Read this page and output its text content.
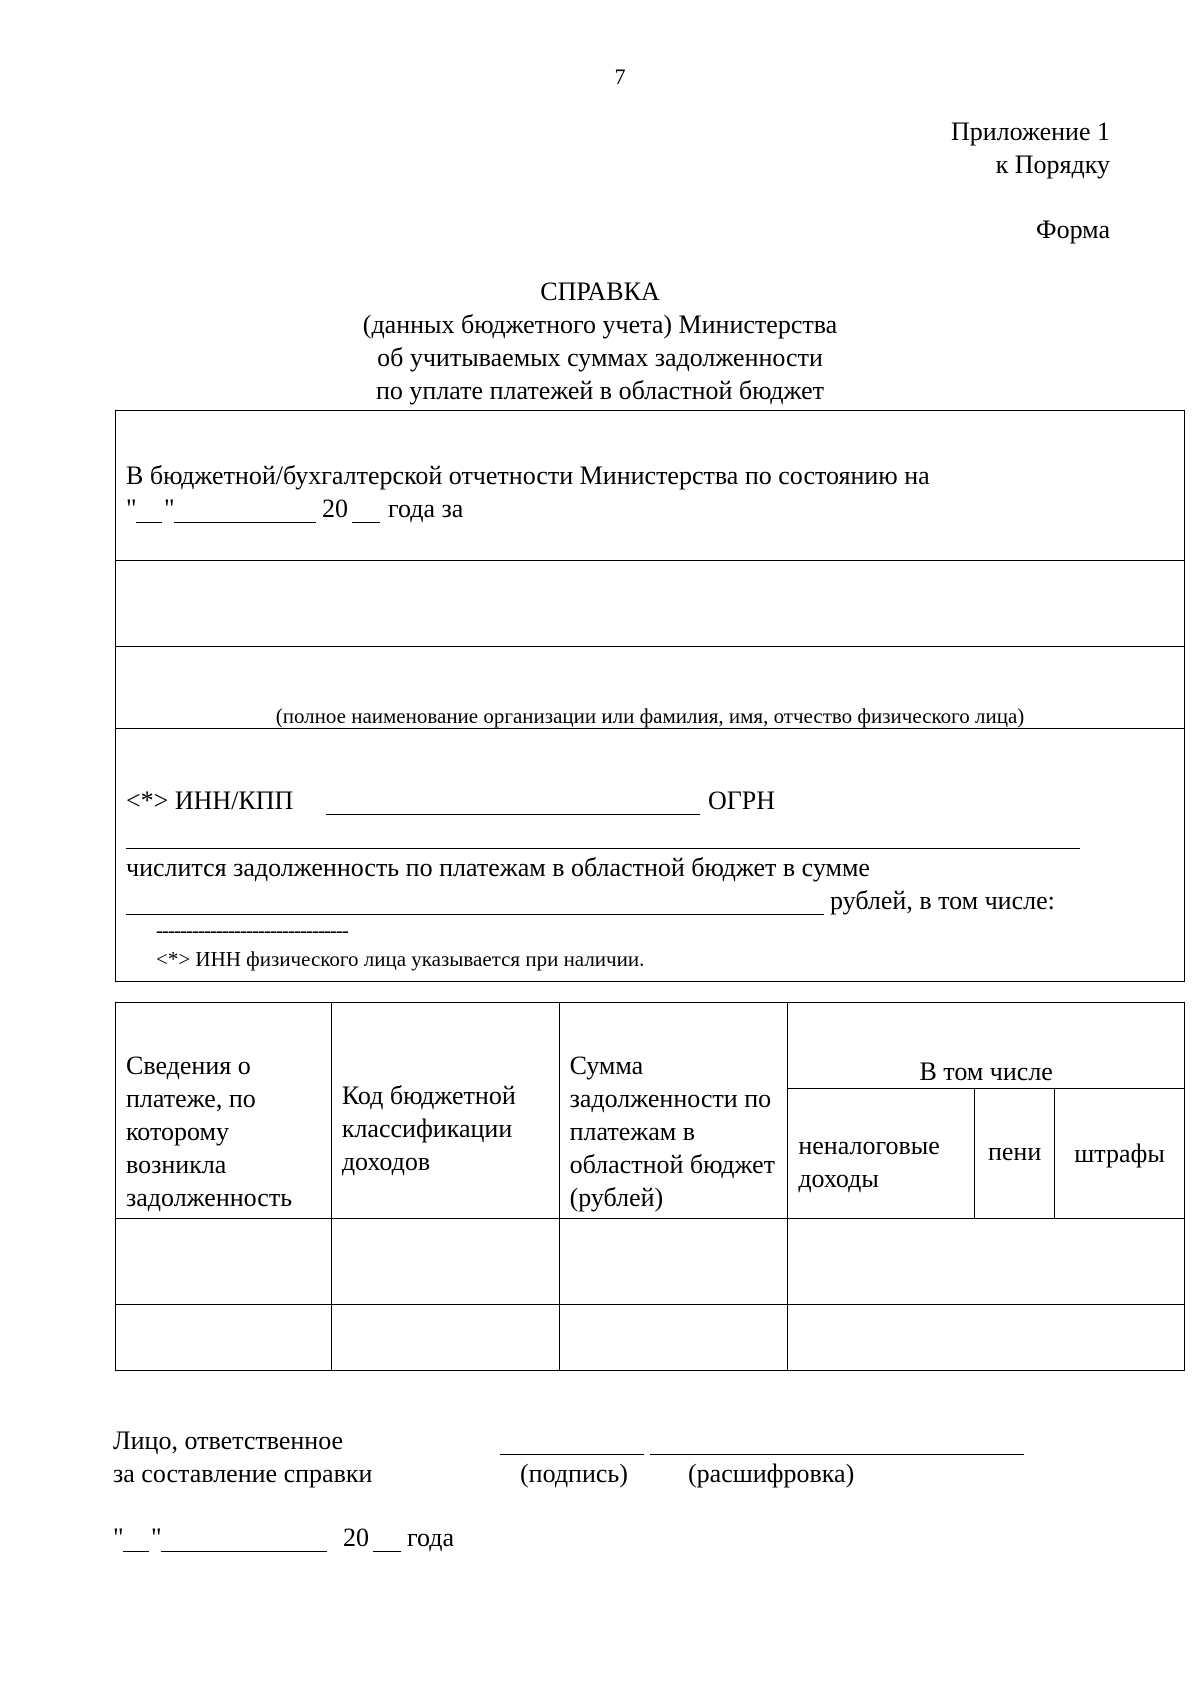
7
Приложение 1
к Порядку
Форма
СПРАВКА
(данных бюджетного учета) Министерства
об учитываемых суммах задолженности
по уплате платежей в областной бюджет
В бюджетной/бухгалтерской отчетности Министерства по состоянию на
" "	20 года за
(полное наименование организации или фамилия, имя, отчество физического лица)
<*> ИНН/КПП	ОГРН
числится задолженность по платежам в областной бюджет в сумме
рублей, в том числе:
--------------------------------
<*> ИНН физического лица указывается при наличии.
Сведения о платеже, по которому возникла задолженность	Код бюджетной классификации доходов	Сумма задолженности по платежам в областной бюджет (рублей)	В том числе		
			неналоговые доходы	пени	штрафы

Лицо, ответственное
за составление справки	(подпись) (расшифровка)
" "	20 года
